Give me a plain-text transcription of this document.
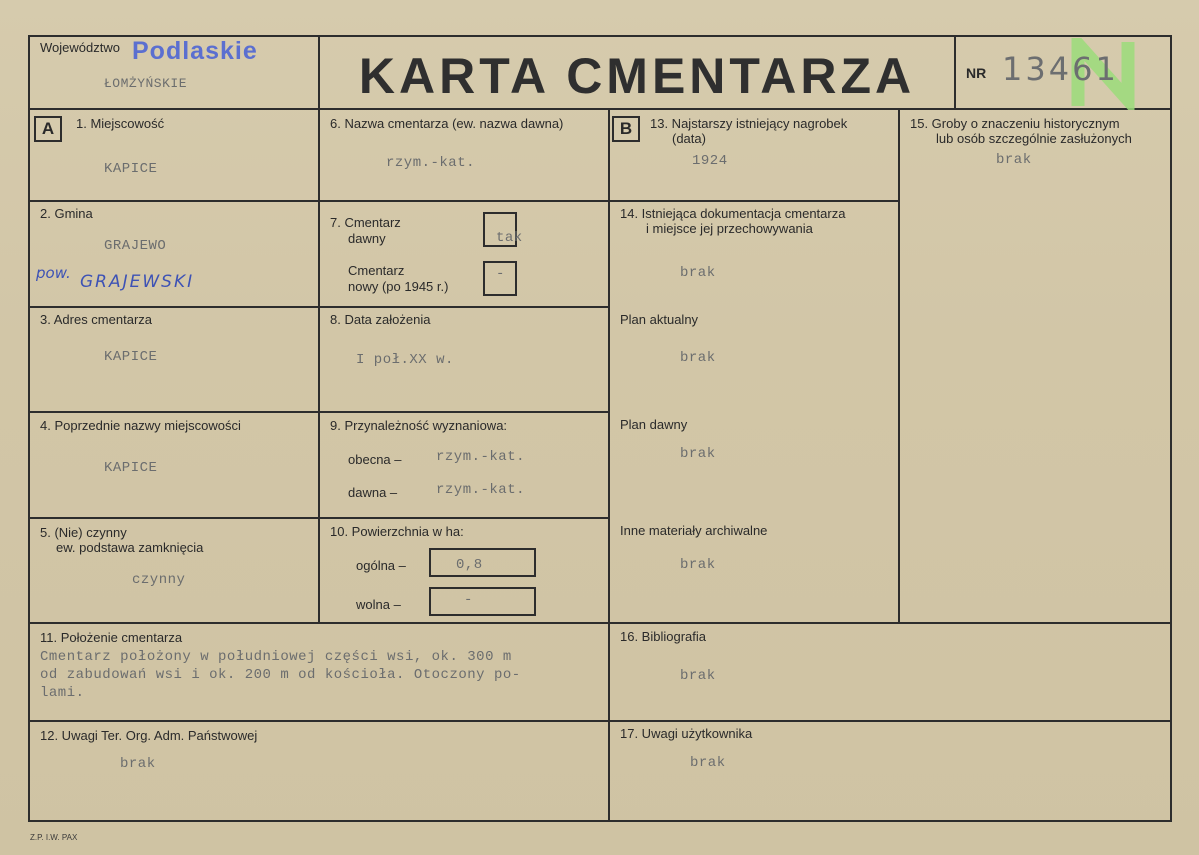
Województwo Podlaskie
ŁOMŻYŃSKIE	KARTA CMENTARZA	NR 13461
A	1. Miejscowość
KAPICE
2. Gmina
GRAJEWO
pow. GRAJEWSKI
3. Adres cmentarza
KAPICE
4. Poprzednie nazwy miejscowości
KAPICE
5. (Nie) czynny
ew. podstawa zamknięcia
czynny
6. Nazwa cmentarza (ew. nazwa dawna)
rzym.-kat.
7. Cmentarz
dawny	tak
Cmentarz
nowy (po 1945 r.)
-
8. Data założenia
I poł.XX w.
9. Przynależność wyznaniowa:
obecna – rzym.-kat.
dawna –	rzym.-kat.
10. Powierzchnia w ha:
ogólna –	0,8
wolna –	-
B	13. Najstarszy istniejący nagrobek
(data)
1924
14. Istniejąca dokumentacja cmentarza
i miejsce jej przechowywania
brak
Plan aktualny
brak
Plan dawny
brak
Inne materiały archiwalne
brak
15. Groby o znaczeniu historycznym
lub osób szczególnie zasłużonych
brak
11. Położenie cmentarza
Cmentarz położony w południowej części wsi, ok. 300 m
od zabudowań wsi i ok. 200 m od kościoła. Otoczony po-
lami.
16. Bibliografia
brak
12. Uwagi Ter. Org. Adm. Państwowej
brak
17. Uwagi użytkownika
brak
Z.P. I.W. PAX
